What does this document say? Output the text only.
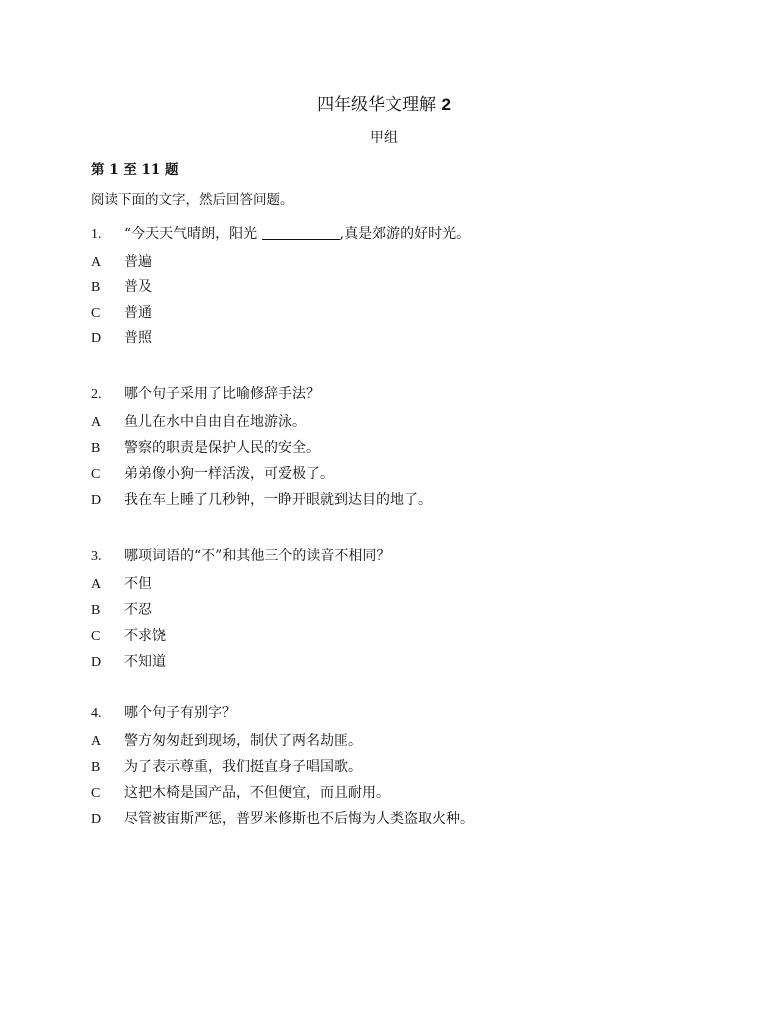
四年级华文理解 2
甲组
第 1 至 11 题
阅读下面的文字，然后回答问题。
1. “今天天气晴朗，阳光	,真是郊游的好时光。
A 普遍
B 普及
C 普通
D 普照
2. 哪个句子采用了比喻修辞手法？
A 鱼儿在水中自由自在地游泳。
B 警察的职责是保护人民的安全。
C 弟弟像小狗一样活泼，可爱极了。
D 我在车上睡了几秒钟，一睁开眼就到达目的地了。
3. 哪项词语的“不”和其他三个的读音不相同？
A 不但
B 不忍
C 不求饶
D 不知道
4. 哪个句子有别字？
A 警方匆匆赶到现场，制伏了两名劫匪。
B 为了表示尊重，我们挺直身子唱国歌。
C 这把木椅是国产品，不但便宜，而且耐用。
D 尽管被宙斯严惩，普罗米修斯也不后悔为人类盗取火种。
